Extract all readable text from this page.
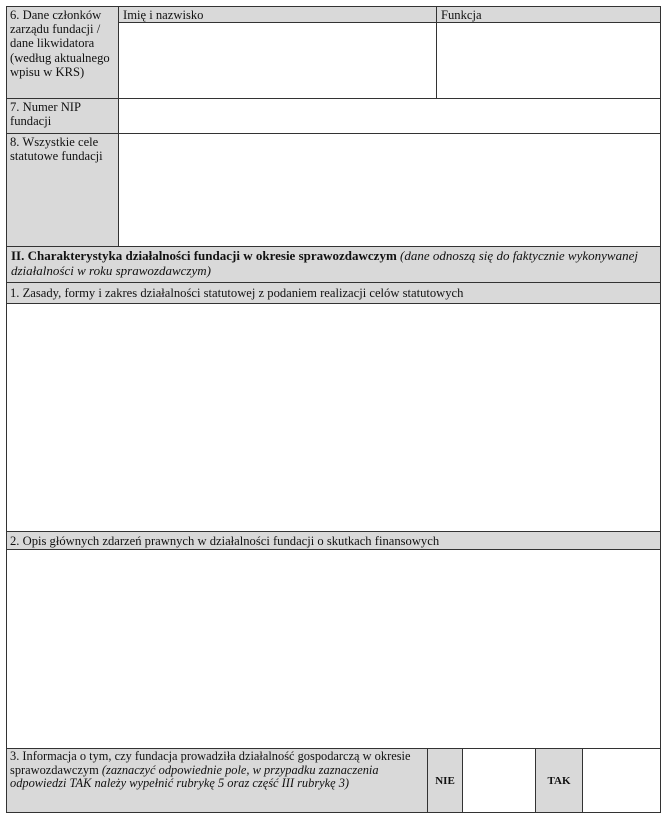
6. Dane członków zarządu fundacji / dane likwidatora (według aktualnego wpisu w KRS)
Imię i nazwisko	Funkcja
7. Numer NIP fundacji
8. Wszystkie cele statutowe fundacji
II. Charakterystyka działalności fundacji w okresie sprawozdawczym (dane odnoszą się do faktycznie wykonywanej działalności w roku sprawozdawczym)
1. Zasady, formy i zakres działalności statutowej z podaniem realizacji celów statutowych
2. Opis głównych zdarzeń prawnych w działalności fundacji o skutkach finansowych
3. Informacja o tym, czy fundacja prowadziła działalność gospodarczą w okresie sprawozdawczym (zaznaczyć odpowiednie pole, w przypadku zaznaczenia odpowiedzi TAK należy wypełnić rubrykę 5 oraz część III rubrykę 3)	NIE	TAK
